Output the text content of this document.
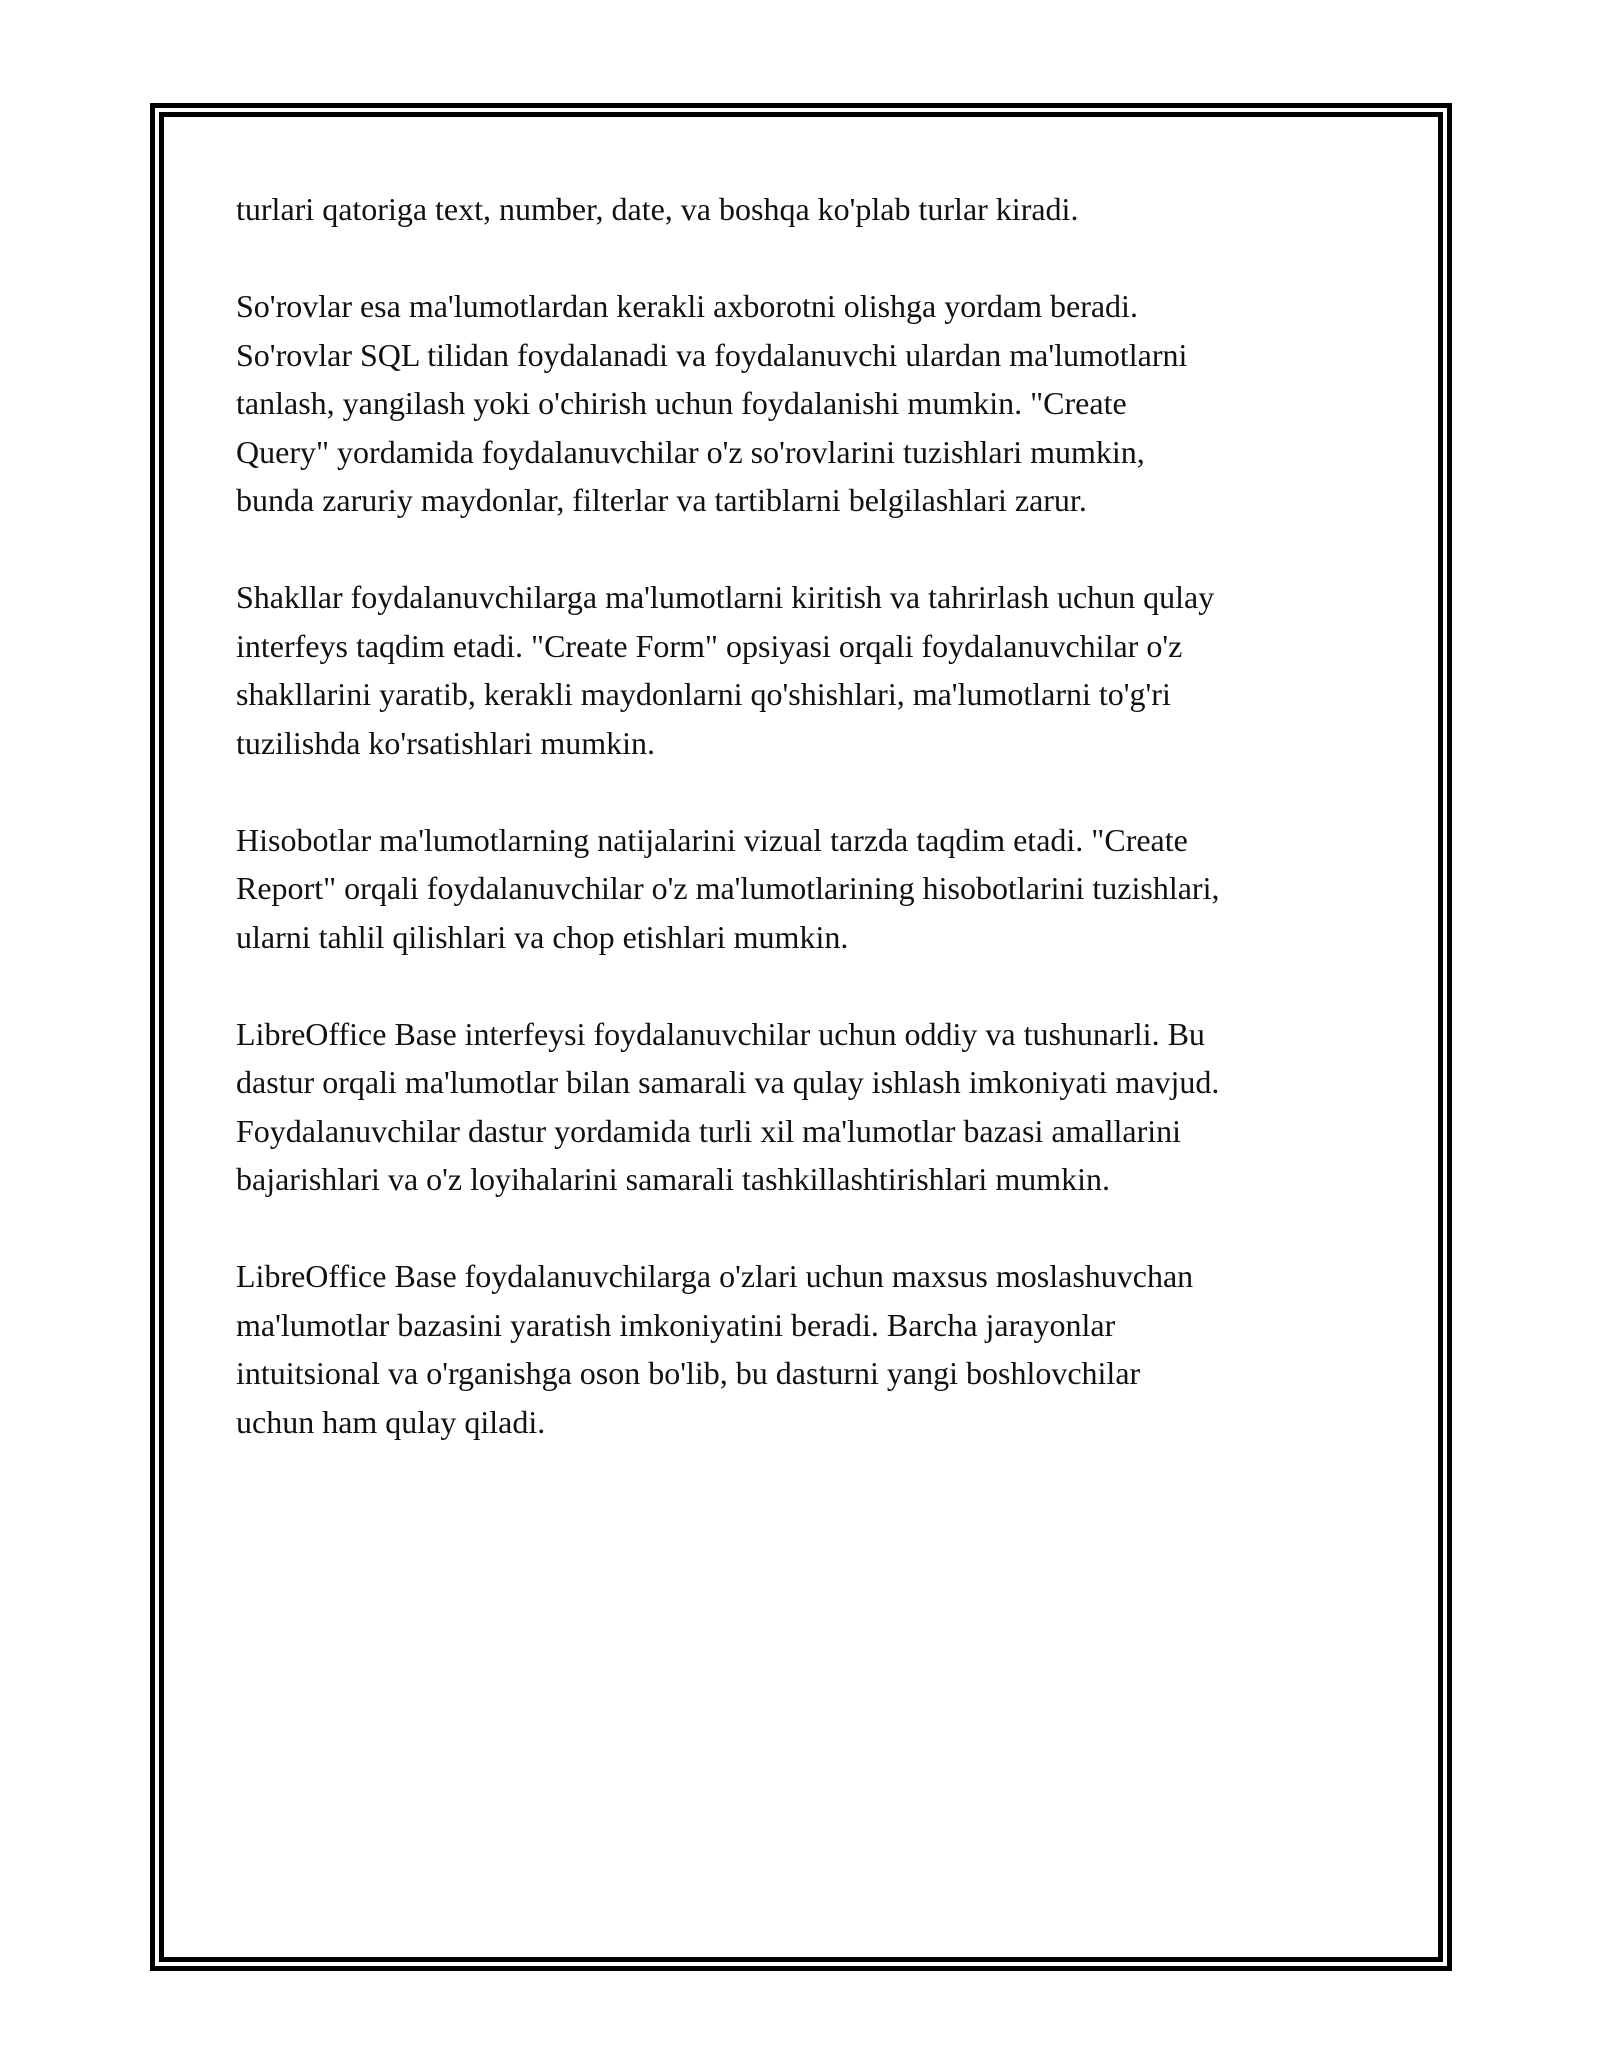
turlari qatoriga text, number, date, va boshqa ko'plab turlar kiradi.

So'rovlar esa ma'lumotlardan kerakli axborotni olishga yordam beradi.
So'rovlar SQL tilidan foydalanadi va foydalanuvchi ulardan ma'lumotlarni
tanlash, yangilash yoki o'chirish uchun foydalanishi mumkin. "Create
Query" yordamida foydalanuvchilar o'z so'rovlarini tuzishlari mumkin,
bunda zaruriy maydonlar, filterlar va tartiblarni belgilashlari zarur.

Shakllar foydalanuvchilarga ma'lumotlarni kiritish va tahrirlash uchun qulay
interfeys taqdim etadi. "Create Form" opsiyasi orqali foydalanuvchilar o'z
shakllarini yaratib, kerakli maydonlarni qo'shishlari, ma'lumotlarni to'g'ri
tuzilishda ko'rsatishlari mumkin.

Hisobotlar ma'lumotlarning natijalarini vizual tarzda taqdim etadi. "Create
Report" orqali foydalanuvchilar o'z ma'lumotlarining hisobotlarini tuzishlari,
ularni tahlil qilishlari va chop etishlari mumkin.

LibreOffice Base interfeysi foydalanuvchilar uchun oddiy va tushunarli. Bu
dastur orqali ma'lumotlar bilan samarali va qulay ishlash imkoniyati mavjud.
Foydalanuvchilar dastur yordamida turli xil ma'lumotlar bazasi amallarini
bajarishlari va o'z loyihalarini samarali tashkillashtirishlari mumkin.

LibreOffice Base foydalanuvchilarga o'zlari uchun maxsus moslashuvchan
ma'lumotlar bazasini yaratish imkoniyatini beradi. Barcha jarayonlar
intuitsional va o'rganishga oson bo'lib, bu dasturni yangi boshlovchilar
uchun ham qulay qiladi.
